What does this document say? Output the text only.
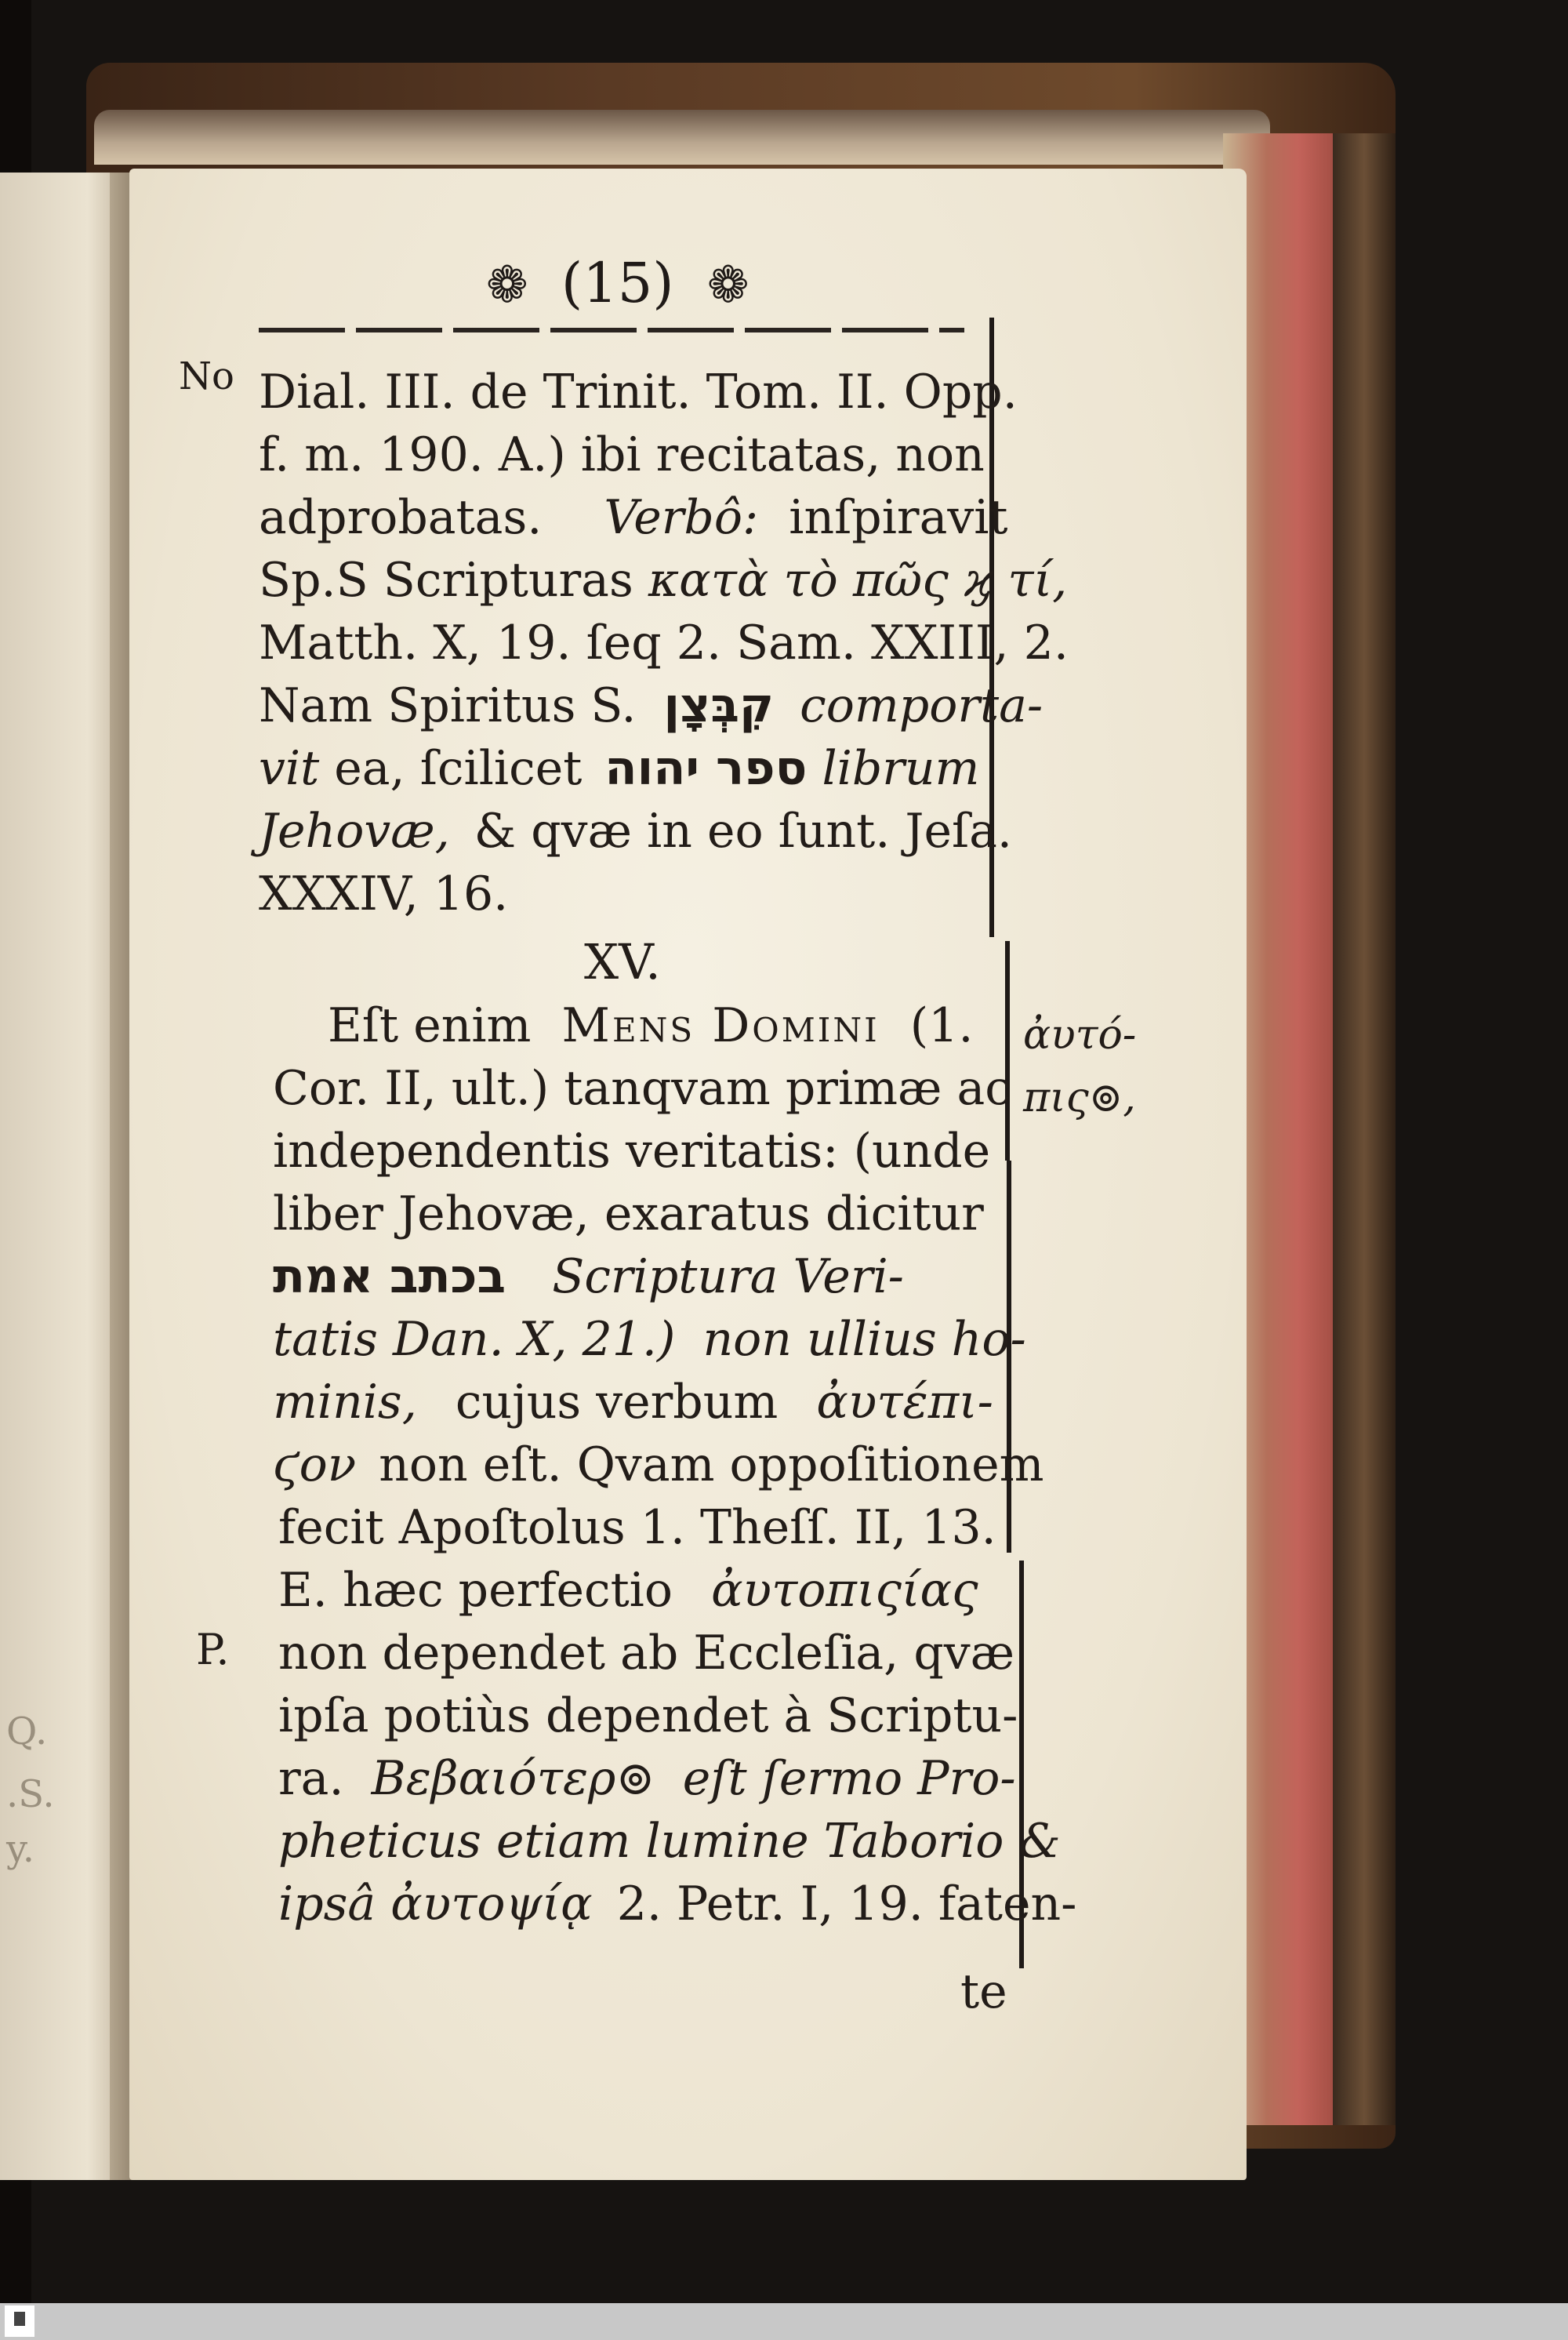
❁ (15) ❁
No
P.
ἀυτό-
πις⊚,
Q.
.S.
y.
Dial. III. de Trinit. Tom. II. Opp.
f. m. 190. A.) ibi recitatas, non
adprobatas. Verbô: inſpiravit
Sp.S Scripturas κατὰ τὸ πῶς ϗ τί,
Matth. X, 19. ſeq 2. Sam. XXIII, 2.
Nam Spiritus S. קִבְּצָן comporta-
vit ea, ſcilicet ספר יהוה librum
Jehovæ, & qvæ in eo ſunt. Jeſa.
XXXIV, 16.
XV.
Eſt enim Mens Domini (1.
Cor. II, ult.) tanqvam primæ ac
independentis veritatis: (unde
liber Jehovæ, exaratus dicitur
בכתב אמת Scriptura Veri-
tatis Dan. X, 21.) non ullius ho-
minis, cujus verbum ἀυτέπι-
ϛον non eſt. Qvam oppoſitionem
fecit Apoſtolus 1. Theſſ. II, 13.
E. hæc perfectio ἀυτοπιςίας
non dependet ab Eccleſia, qvæ
ipſa potiùs dependet à Scriptu-
ra. Βεβαιότερ⊚ eſt ſermo Pro-
pheticus etiam lumine Taborio &
ipsâ ἀυτοψίᾳ 2. Petr. I, 19. faten-
te
